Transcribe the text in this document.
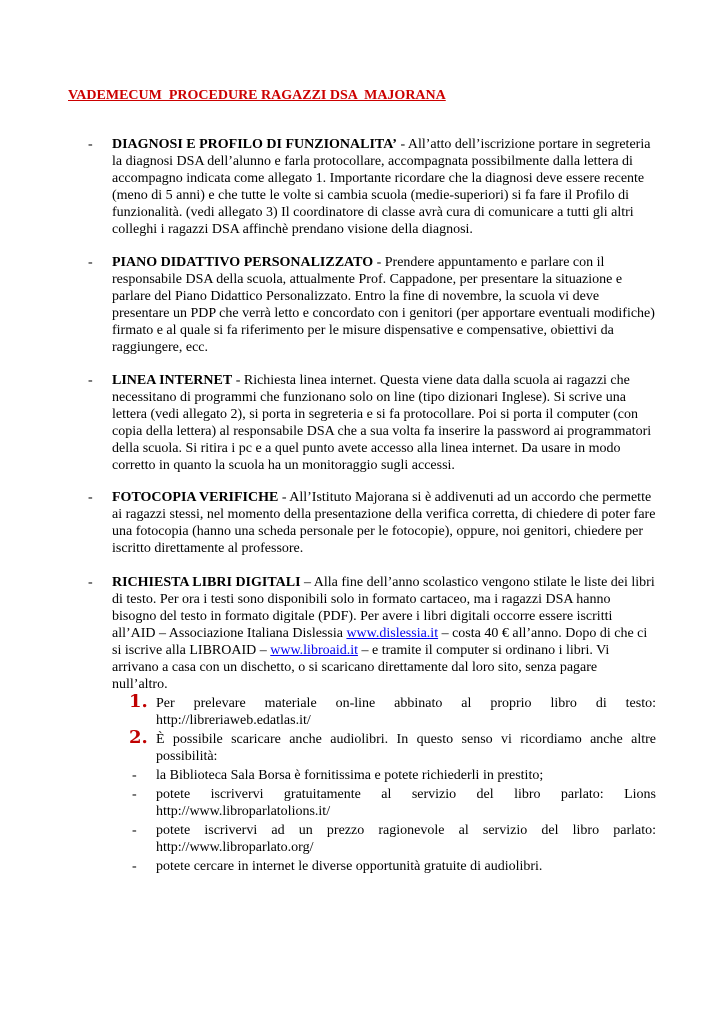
VADEMECUM  PROCEDURE RAGAZZI DSA  MAJORANA
- DIAGNOSI E PROFILO DI FUNZIONALITA’ - All’atto dell’iscrizione portare in segreteria la diagnosi DSA dell’alunno e farla protocollare, accompagnata possibilmente dalla lettera di accompagno indicata come allegato 1. Importante ricordare che la diagnosi deve essere recente (meno di 5 anni) e che tutte le volte si cambia scuola (medie-superiori) si fa fare il Profilo di funzionalità. (vedi allegato 3) Il coordinatore di classe avrà cura di comunicare a tutti gli altri colleghi i ragazzi DSA affinchè prendano visione della diagnosi.
- PIANO DIDATTIVO PERSONALIZZATO - Prendere appuntamento e parlare con il responsabile DSA della scuola, attualmente Prof. Cappadone, per presentare la situazione e parlare del Piano Didattico Personalizzato. Entro la fine di novembre, la scuola vi deve presentare un PDP che verrà letto e concordato con i genitori (per apportare eventuali modifiche) firmato e al quale si fa riferimento per le misure dispensative e compensative, obiettivi da raggiungere, ecc.
- LINEA INTERNET - Richiesta linea internet. Questa viene data dalla scuola ai ragazzi che necessitano di programmi che funzionano solo on line (tipo dizionari Inglese). Si scrive una lettera (vedi allegato 2), si porta in segreteria e si fa protocollare. Poi si porta il computer (con copia della lettera) al responsabile DSA che a sua volta fa inserire la password ai programmatori della scuola. Si ritira i pc e a quel punto avete accesso alla linea internet. Da usare in modo corretto in quanto la scuola ha un monitoraggio sugli accessi.
- FOTOCOPIA VERIFICHE - All’Istituto Majorana si è addivenuti ad un accordo che permette ai ragazzi stessi, nel momento della presentazione della verifica corretta, di chiedere di poter fare una fotocopia (hanno una scheda personale per le fotocopie), oppure, noi genitori, chiedere per iscritto direttamente al professore.
- RICHIESTA LIBRI DIGITALI – Alla fine dell’anno scolastico vengono stilate le liste dei libri di testo. Per ora i testi sono disponibili solo in formato cartaceo, ma i ragazzi DSA hanno bisogno del testo in formato digitale (PDF). Per avere i libri digitali occorre essere iscritti all’AID – Associazione Italiana Dislessia www.dislessia.it – costa 40 € all’anno. Dopo di che ci si iscrive alla LIBROAID – www.libroaid.it – e tramite il computer si ordinano i libri. Vi arrivano a casa con un dischetto, o si scaricano direttamente dal loro sito, senza pagare null’altro.
1. Per prelevare materiale on-line abbinato al proprio libro di testo: http://libreriaweb.edatlas.it/
2. È possibile scaricare anche audiolibri. In questo senso vi ricordiamo anche altre possibilità:
- la Biblioteca Sala Borsa è fornitissima e potete richiederli in prestito;
- potete iscrivervi gratuitamente al servizio del libro parlato: Lions http://www.libroparlatolions.it/
- potete iscrivervi ad un prezzo ragionevole al servizio del libro parlato: http://www.libroparlato.org/
- potete cercare in internet le diverse opportunità gratuite di audiolibri.
